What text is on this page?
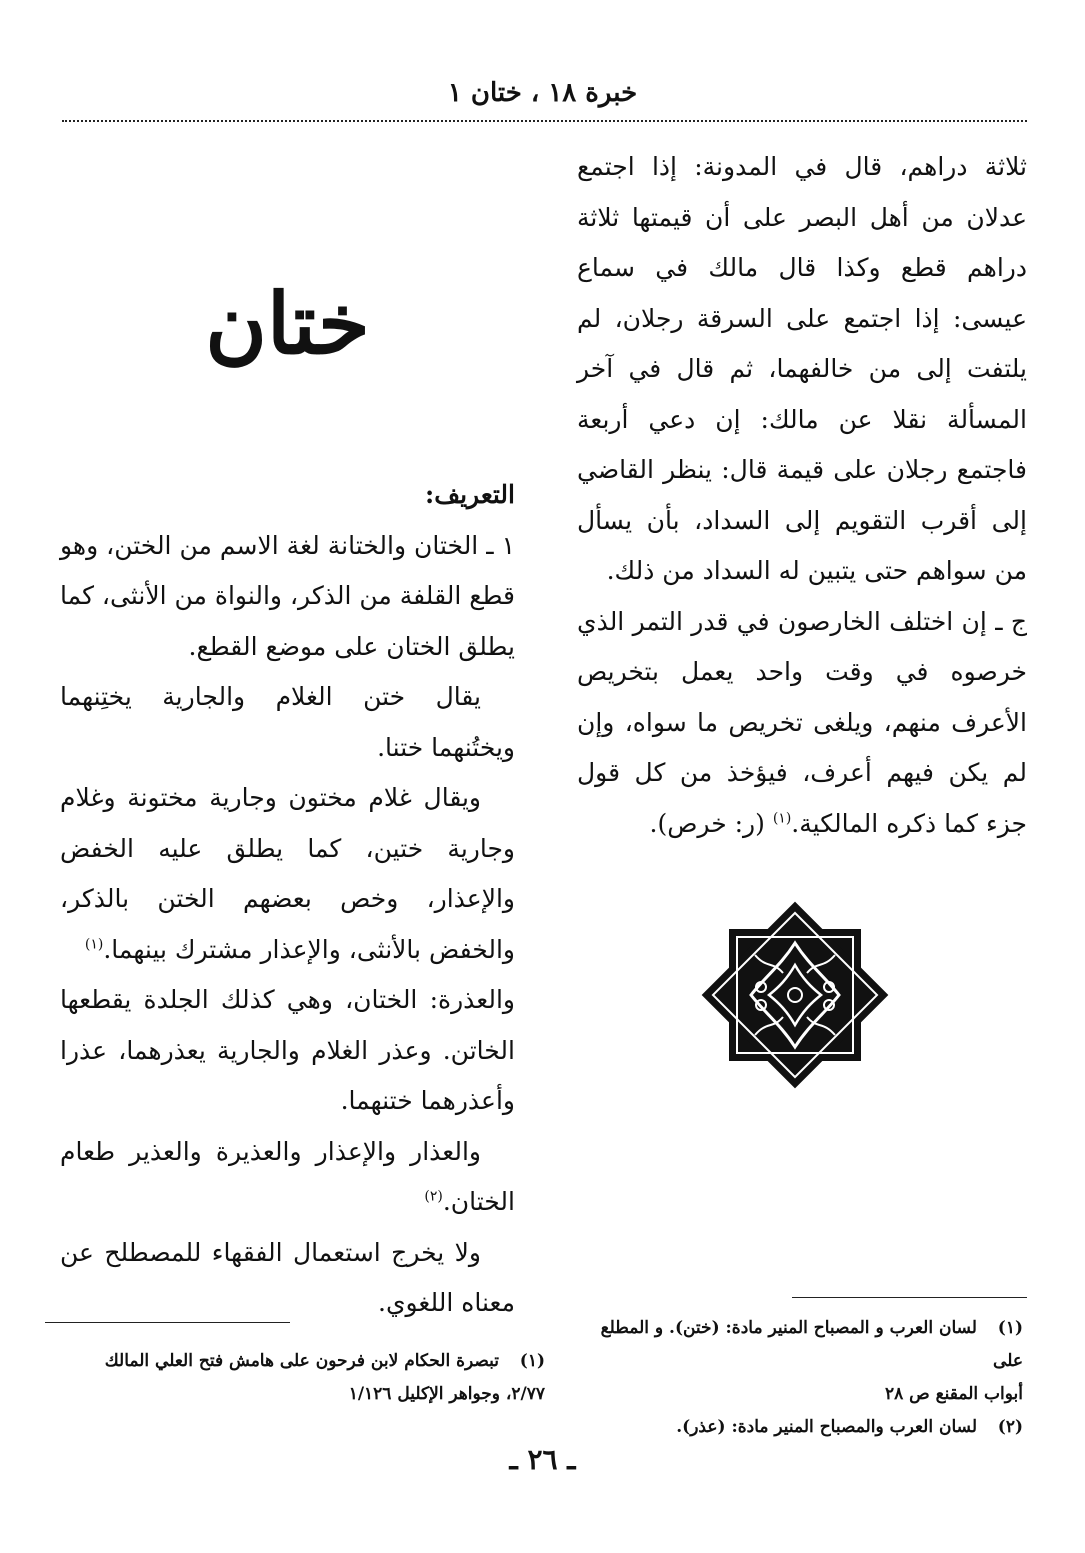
خبرة ١٨ ، ختان ١

ثلاثة دراهم، قال في المدونة: إذا اجتمع عدلان من أهل البصر على أن قيمتها ثلاثة دراهم قطع وكذا قال مالك في سماع عيسى: إذا اجتمع على السرقة رجلان، لم يلتفت إلى من خالفهما، ثم قال في آخر المسألة نقلا عن مالك: إن دعي أربعة فاجتمع رجلان على قيمة قال: ينظر القاضي إلى أقرب التقويم إلى السداد، بأن يسأل من سواهم حتى يتبين له السداد من ذلك.

ج ـ إن اختلف الخارصون في قدر التمر الذي خرصوه في وقت واحد يعمل بتخريص الأعرف منهم، ويلغى تخريص ما سواه، وإن لم يكن فيهم أعرف، فيؤخذ من كل قول جزء كما ذكره المالكية.$^{(١)}$ (ر: خرص).

ختان

التعريف:

١ ـ الختان والختانة لغة الاسم من الختن، وهو قطع القلفة من الذكر، والنواة من الأنثى، كما يطلق الختان على موضع القطع.

يقال ختن الغلام والجارية يختِنهما ويختُنهما ختنا.

ويقال غلام مختون وجارية مختونة وغلام وجارية ختين، كما يطلق عليه الخفض والإعذار، وخص بعضهم الختن بالذكر، والخفض بالأنثى، والإعذار مشترك بينهما.$^{(١)}$

والعذرة: الختان، وهي كذلك الجلدة يقطعها الخاتن. وعذر الغلام والجارية يعذرهما، عذرا وأعذرهما ختنهما.

والعذار والإعذار والعذيرة والعذير طعام الختان.$^{(٢)}$

ولا يخرج استعمال الفقهاء للمصطلح عن معناه اللغوي.

(١)لسان العرب و المصباح المنير مادة: (ختن). و المطلع على

أبواب المقنع ص ٢٨

(٢)لسان العرب والمصباح المنير مادة: (عذر).

(١)تبصرة الحكام لابن فرحون على هامش فتح العلي المالك ٢/٧٧، وجواهر الإكليل ١/١٢٦

ـ ٢٦ ـ
